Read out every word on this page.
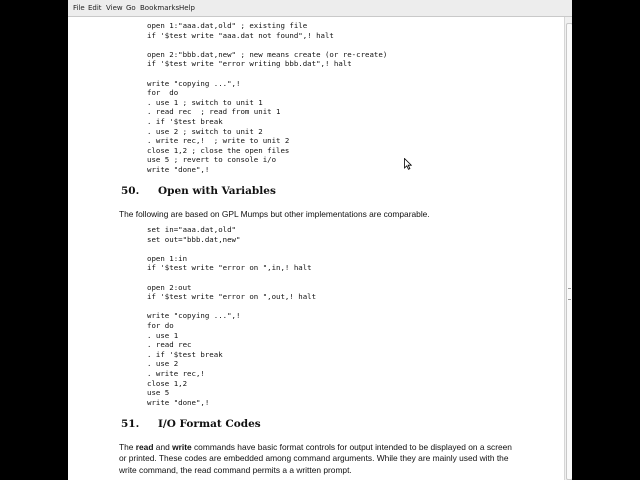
File Edit View Go Bookmarks Help
open 1:"aaa.dat,old" ; existing file
if '$test write "aaa.dat not found",! halt

open 2:"bbb.dat,new" ; new means create (or re-create)
if '$test write "error writing bbb.dat",! halt

write "copying ...",!
for  do
. use 1 ; switch to unit 1
. read rec  ; read from unit 1
. if '$test break
. use 2 ; switch to unit 2
. write rec,!  ; write to unit 2
close 1,2 ; close the open files
use 5 ; revert to console i/o
write "done",!
50. Open with Variables

The following are based on GPL Mumps but other implementations are comparable.

set in="aaa.dat,old"
set out="bbb.dat,new"

open 1:in
if '$test write "error on ",in,! halt

open 2:out
if '$test write "error on ",out,! halt

write "copying ...",!
for do
. use 1
. read rec
. if '$test break
. use 2
. write rec,!
close 1,2
use 5
write "done",!
51. I/O Format Codes

The read and write commands have basic format controls for output intended to be displayed on a screen or printed. These codes are embedded among command arguments. While they are mainly used with the write command, the read command permits a a written prompt.
